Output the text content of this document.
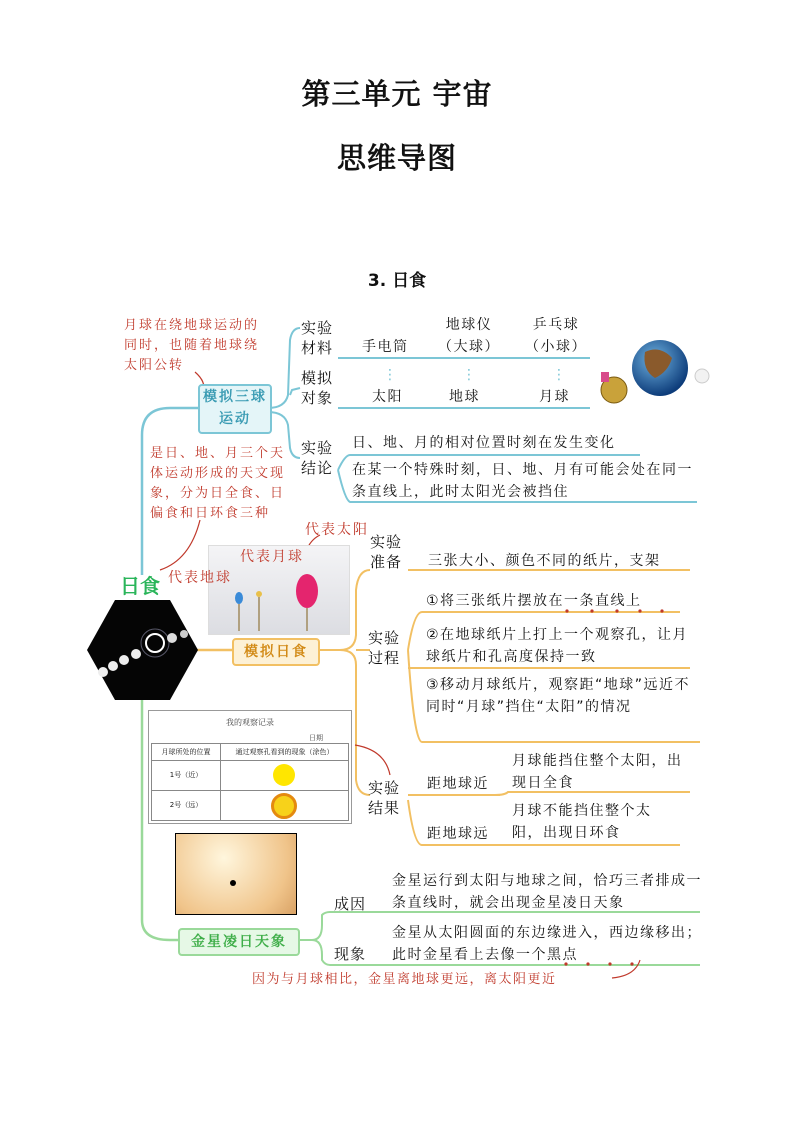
第三单元 宇宙
思维导图
3. 日食
月球在绕地球运动的同时，也随着地球绕太阳公转
是日、地、月三个天体运动形成的天文现象，分为日全食、日偏食和日环食三种
日食
模拟三球运动
实验材料	手电筒
地球仪（大球）
乒乓球（小球）
模拟对象
⋮	⋮	⋮
太阳	地球	月球
实验结论
日、地、月的相对位置时刻在发生变化
在某一个特殊时刻，日、地、月有可能会处在同一条直线上，此时太阳光会被挡住
代表月球
代表太阳
代表地球
模拟日食
实验准备 三张大小、颜色不同的纸片，支架
实验过程
①将三张纸片摆放在一条直线上
②在地球纸片上打上一个观察孔，让月球纸片和孔高度保持一致
③移动月球纸片，观察距“地球”远近不同时“月球”挡住“太阳”的情况
实验结果
距地球近
月球能挡住整个太阳，出现日全食
距地球远
月球不能挡住整个太阳，出现日环食
我的观察记录
日期
月球所处的位置	通过观察孔看到的现象（涂色）
1号（近）
2号（远）
金星凌日天象
成因
金星运行到太阳与地球之间，恰巧三者排成一条直线时，就会出现金星凌日天象
现象
金星从太阳圆面的东边缘进入，西边缘移出；此时金星看上去像一个黑点
因为与月球相比，金星离地球更远，离太阳更近
